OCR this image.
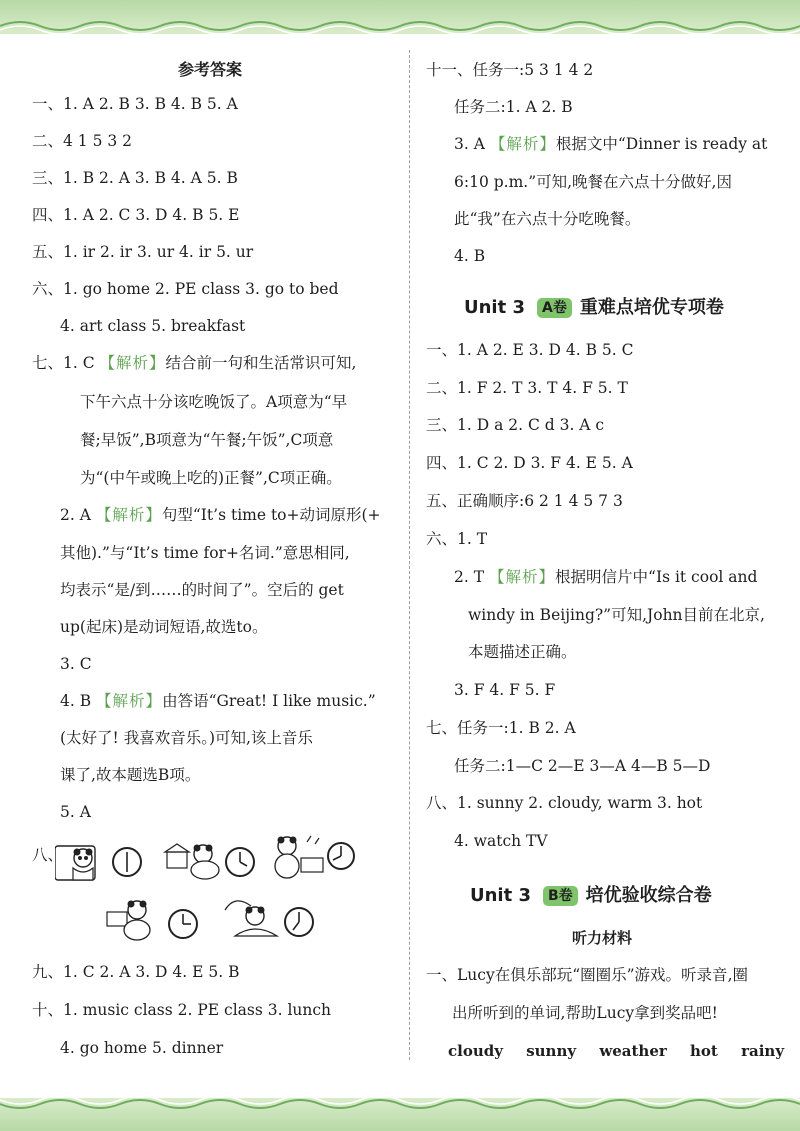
参考答案
一、1. A 2. B 3. B 4. B 5. A
二、4 1 5 3 2
三、1. B 2. A 3. B 4. A 5. B
四、1. A 2. C 3. D 4. B 5. E
五、1. ir 2. ir 3. ur 4. ir 5. ur
六、1. go home 2. PE class 3. go to bed
4. art class 5. breakfast
七、1. C 【解析】结合前一句和生活常识可知,
下午六点十分该吃晚饭了。A项意为“早
餐;早饭”,B项意为“午餐;午饭”,C项意
为“(中午或晚上吃的)正餐”,C项正确。
2. A 【解析】句型“It’s time to+动词原形(+
其他).”与“It’s time for+名词.”意思相同,
均表示“是/到……的时间了”。空后的 get
up(起床)是动词短语,故选to。
3. C
4. B 【解析】由答语“Great! I like music.”
(太好了! 我喜欢音乐。)可知,该上音乐
课了,故本题选B项。
5. A
八、
九、1. C 2. A 3. D 4. E 5. B
十、1. music class 2. PE class 3. lunch
4. go home 5. dinner
十一、任务一:5 3 1 4 2
任务二:1. A 2. B
3. A 【解析】根据文中“Dinner is ready at
6:10 p.m.”可知,晚餐在六点十分做好,因
此“我”在六点十分吃晚餐。
4. B
Unit 3 A卷 重难点培优专项卷
一、1. A 2. E 3. D 4. B 5. C
二、1. F 2. T 3. T 4. F 5. T
三、1. D a 2. C d 3. A c
四、1. C 2. D 3. F 4. E 5. A
五、正确顺序:6 2 1 4 5 7 3
六、1. T
2. T 【解析】根据明信片中“Is it cool and
windy in Beijing?”可知,John目前在北京,
本题描述正确。
3. F 4. F 5. F
七、任务一:1. B 2. A
任务二:1—C 2—E 3—A 4—B 5—D
八、1. sunny 2. cloudy, warm 3. hot
4. watch TV
Unit 3 B卷 培优验收综合卷
听力材料
一、Lucy在俱乐部玩“圈圈乐”游戏。听录音,圈
出所听到的单词,帮助Lucy拿到奖品吧!
cloudy sunny weather hot rainy
